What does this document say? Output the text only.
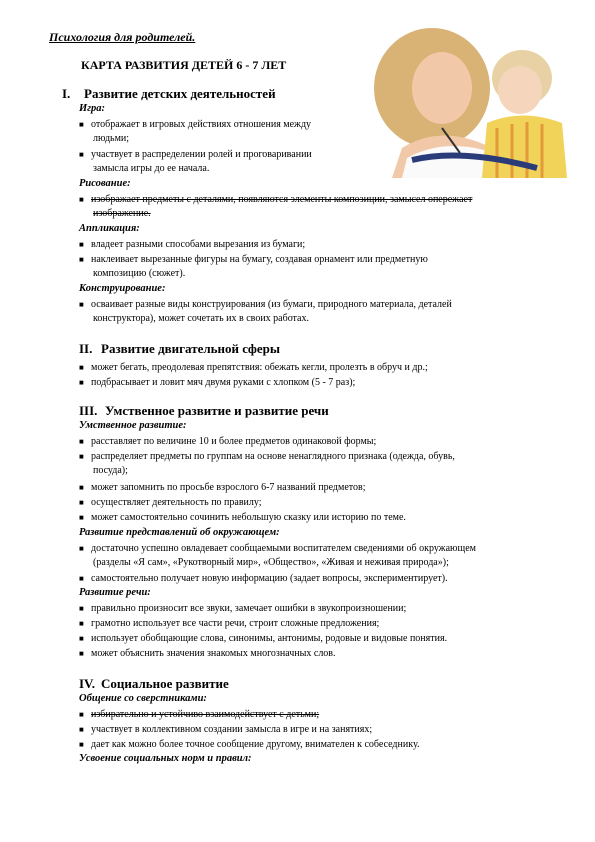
Психология для родителей.
КАРТА РАЗВИТИЯ ДЕТЕЙ 6 - 7 ЛЕТ
I. Развитие детских деятельностей
Игра:
■ отображает в игровых действиях отношения между
людьми;
■ участвует в распределении ролей и проговаривании
замысла игры до ее начала.
Рисование:
■ изображает предметы с деталями, появляются элементы композиции, замысел опережает
изображение.
Аппликация:
■ владеет разными способами вырезания из бумаги;
■ наклеивает вырезанные фигуры на бумагу, создавая орнамент или предметную
композицию (сюжет).
Конструирование:
■ осваивает разные виды конструирования (из бумаги, природного материала, деталей
конструктора), может сочетать их в своих работах.
II. Развитие двигательной сферы
■ может бегать, преодолевая препятствия: обежать кегли, пролезть в обруч и др.;
■ подбрасывает и ловит мяч двумя руками с хлопком (5 - 7 раз);
III. Умственное развитие и развитие речи
Умственное развитие:
■ расставляет по величине 10 и более предметов одинаковой формы;
■ распределяет предметы по группам на основе ненаглядного признака (одежда, обувь,
посуда);
■ может запомнить по просьбе взрослого 6-7 названий предметов;
■ осуществляет деятельность по правилу;
■ может самостоятельно сочинить небольшую сказку или историю по теме.
Развитие представлений об окружающем:
■ достаточно успешно овладевает сообщаемыми воспитателем сведениями об окружающем
(разделы «Я сам», «Рукотворный мир», «Общество», «Живая и неживая природа»);
■ самостоятельно получает новую информацию (задает вопросы, экспериментирует).
Развитие речи:
■ правильно произносит все звуки, замечает ошибки в звукопроизношении;
■ грамотно использует все части речи, строит сложные предложения;
■ использует обобщающие слова, синонимы, антонимы, родовые и видовые понятия.
■ может объяснить значения знакомых многозначных слов.
IV. Социальное развитие
Общение со сверстниками:
■ избирательно и устойчиво взаимодействует с детьми;
■ участвует в коллективном создании замысла в игре и на занятиях;
■ дает как можно более точное сообщение другому, внимателен к собеседнику.
Усвоение социальных норм и правил:
